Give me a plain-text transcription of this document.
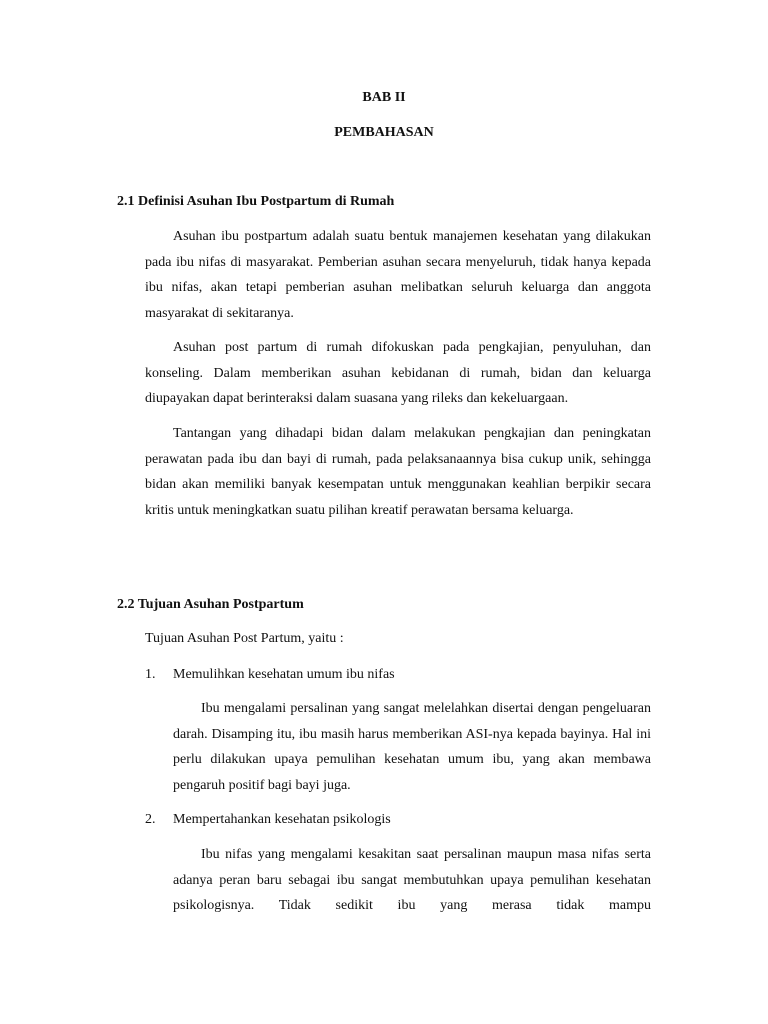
BAB II
PEMBAHASAN
2.1 Definisi Asuhan Ibu Postpartum di Rumah

Asuhan ibu postpartum adalah suatu bentuk manajemen kesehatan yang dilakukan pada ibu nifas di masyarakat. Pemberian asuhan secara menyeluruh, tidak hanya kepada ibu nifas, akan tetapi pemberian asuhan melibatkan seluruh keluarga dan anggota masyarakat di sekitaranya.

Asuhan post partum di rumah difokuskan pada pengkajian, penyuluhan, dan konseling. Dalam memberikan asuhan kebidanan di rumah, bidan dan keluarga diupayakan dapat berinteraksi dalam suasana yang rileks dan kekeluargaan.

Tantangan yang dihadapi bidan dalam melakukan pengkajian dan peningkatan perawatan pada ibu dan bayi di rumah, pada pelaksanaannya bisa cukup unik, sehingga bidan akan memiliki banyak kesempatan untuk menggunakan keahlian berpikir secara kritis untuk meningkatkan suatu pilihan kreatif perawatan bersama keluarga.

2.2 Tujuan Asuhan Postpartum
Tujuan Asuhan Post Partum, yaitu :
1. Memulihkan kesehatan umum ibu nifas

Ibu mengalami persalinan yang sangat melelahkan disertai dengan pengeluaran darah. Disamping itu, ibu masih harus memberikan ASI-nya kepada bayinya. Hal ini perlu dilakukan upaya pemulihan kesehatan umum ibu, yang akan membawa pengaruh positif bagi bayi juga.

2. Mempertahankan kesehatan psikologis

Ibu nifas yang mengalami kesakitan saat persalinan maupun masa nifas serta adanya peran baru sebagai ibu sangat membutuhkan upaya pemulihan kesehatan psikologisnya. Tidak sedikit ibu yang merasa tidak mampu
